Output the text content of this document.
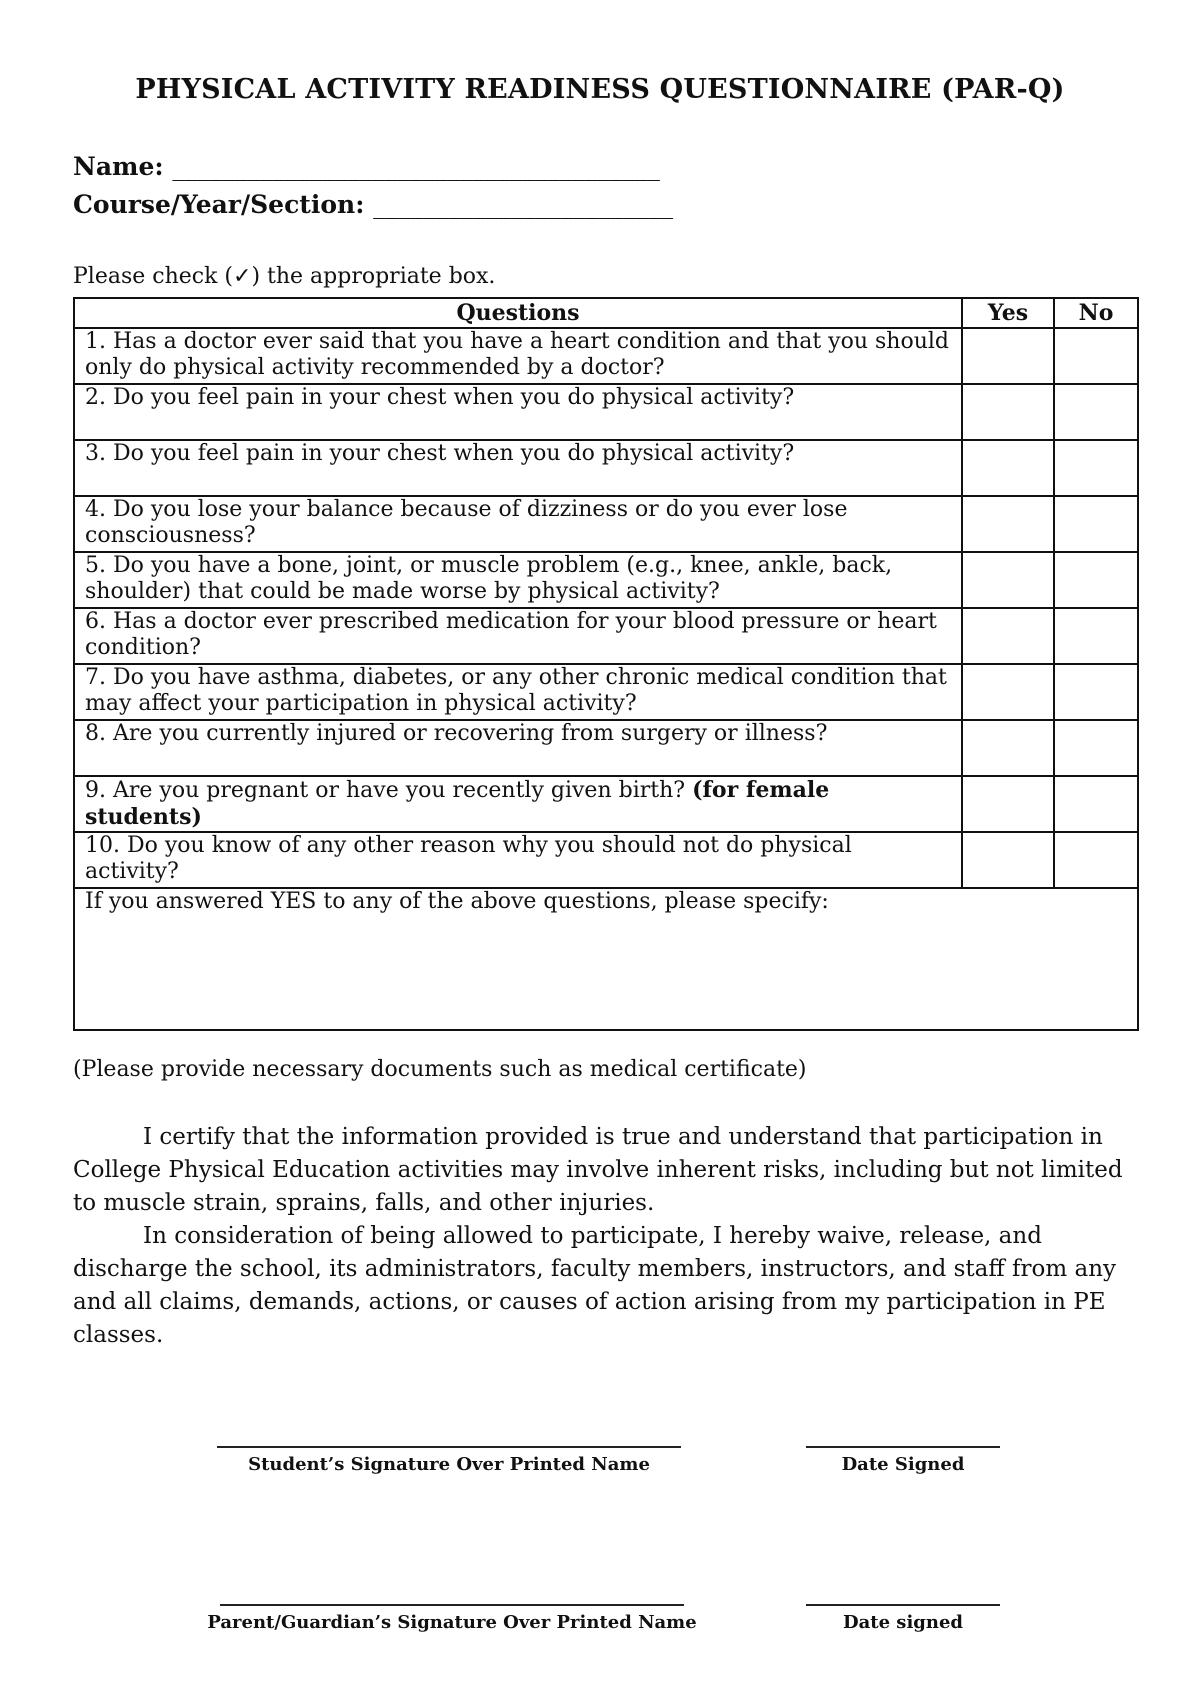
PHYSICAL ACTIVITY READINESS QUESTIONNAIRE (PAR-Q)
Name: _______________________________________
Course/Year/Section: ________________________
Please check (✓) the appropriate box.
Questions	Yes	No
1. Has a doctor ever said that you have a heart condition and that you should only do physical activity recommended by a doctor?		
2. Do you feel pain in your chest when you do physical activity?		
3. Do you feel pain in your chest when you do physical activity?		
4. Do you lose your balance because of dizziness or do you ever lose consciousness?		
5. Do you have a bone, joint, or muscle problem (e.g., knee, ankle, back, shoulder) that could be made worse by physical activity?		
6. Has a doctor ever prescribed medication for your blood pressure or heart condition?		
7. Do you have asthma, diabetes, or any other chronic medical condition that may affect your participation in physical activity?		
8. Are you currently injured or recovering from surgery or illness?		
9. Are you pregnant or have you recently given birth? (for female students)		
10. Do you know of any other reason why you should not do physical activity?		
If you answered YES to any of the above questions, please specify:		
(Please provide necessary documents such as medical certificate)
I certify that the information provided is true and understand that participation in College Physical Education activities may involve inherent risks, including but not limited to muscle strain, sprains, falls, and other injuries.
In consideration of being allowed to participate, I hereby waive, release, and discharge the school, its administrators, faculty members, instructors, and staff from any and all claims, demands, actions, or causes of action arising from my participation in PE classes.
Student’s Signature Over Printed Name	Date Signed
Parent/Guardian’s Signature Over Printed Name	Date signed
